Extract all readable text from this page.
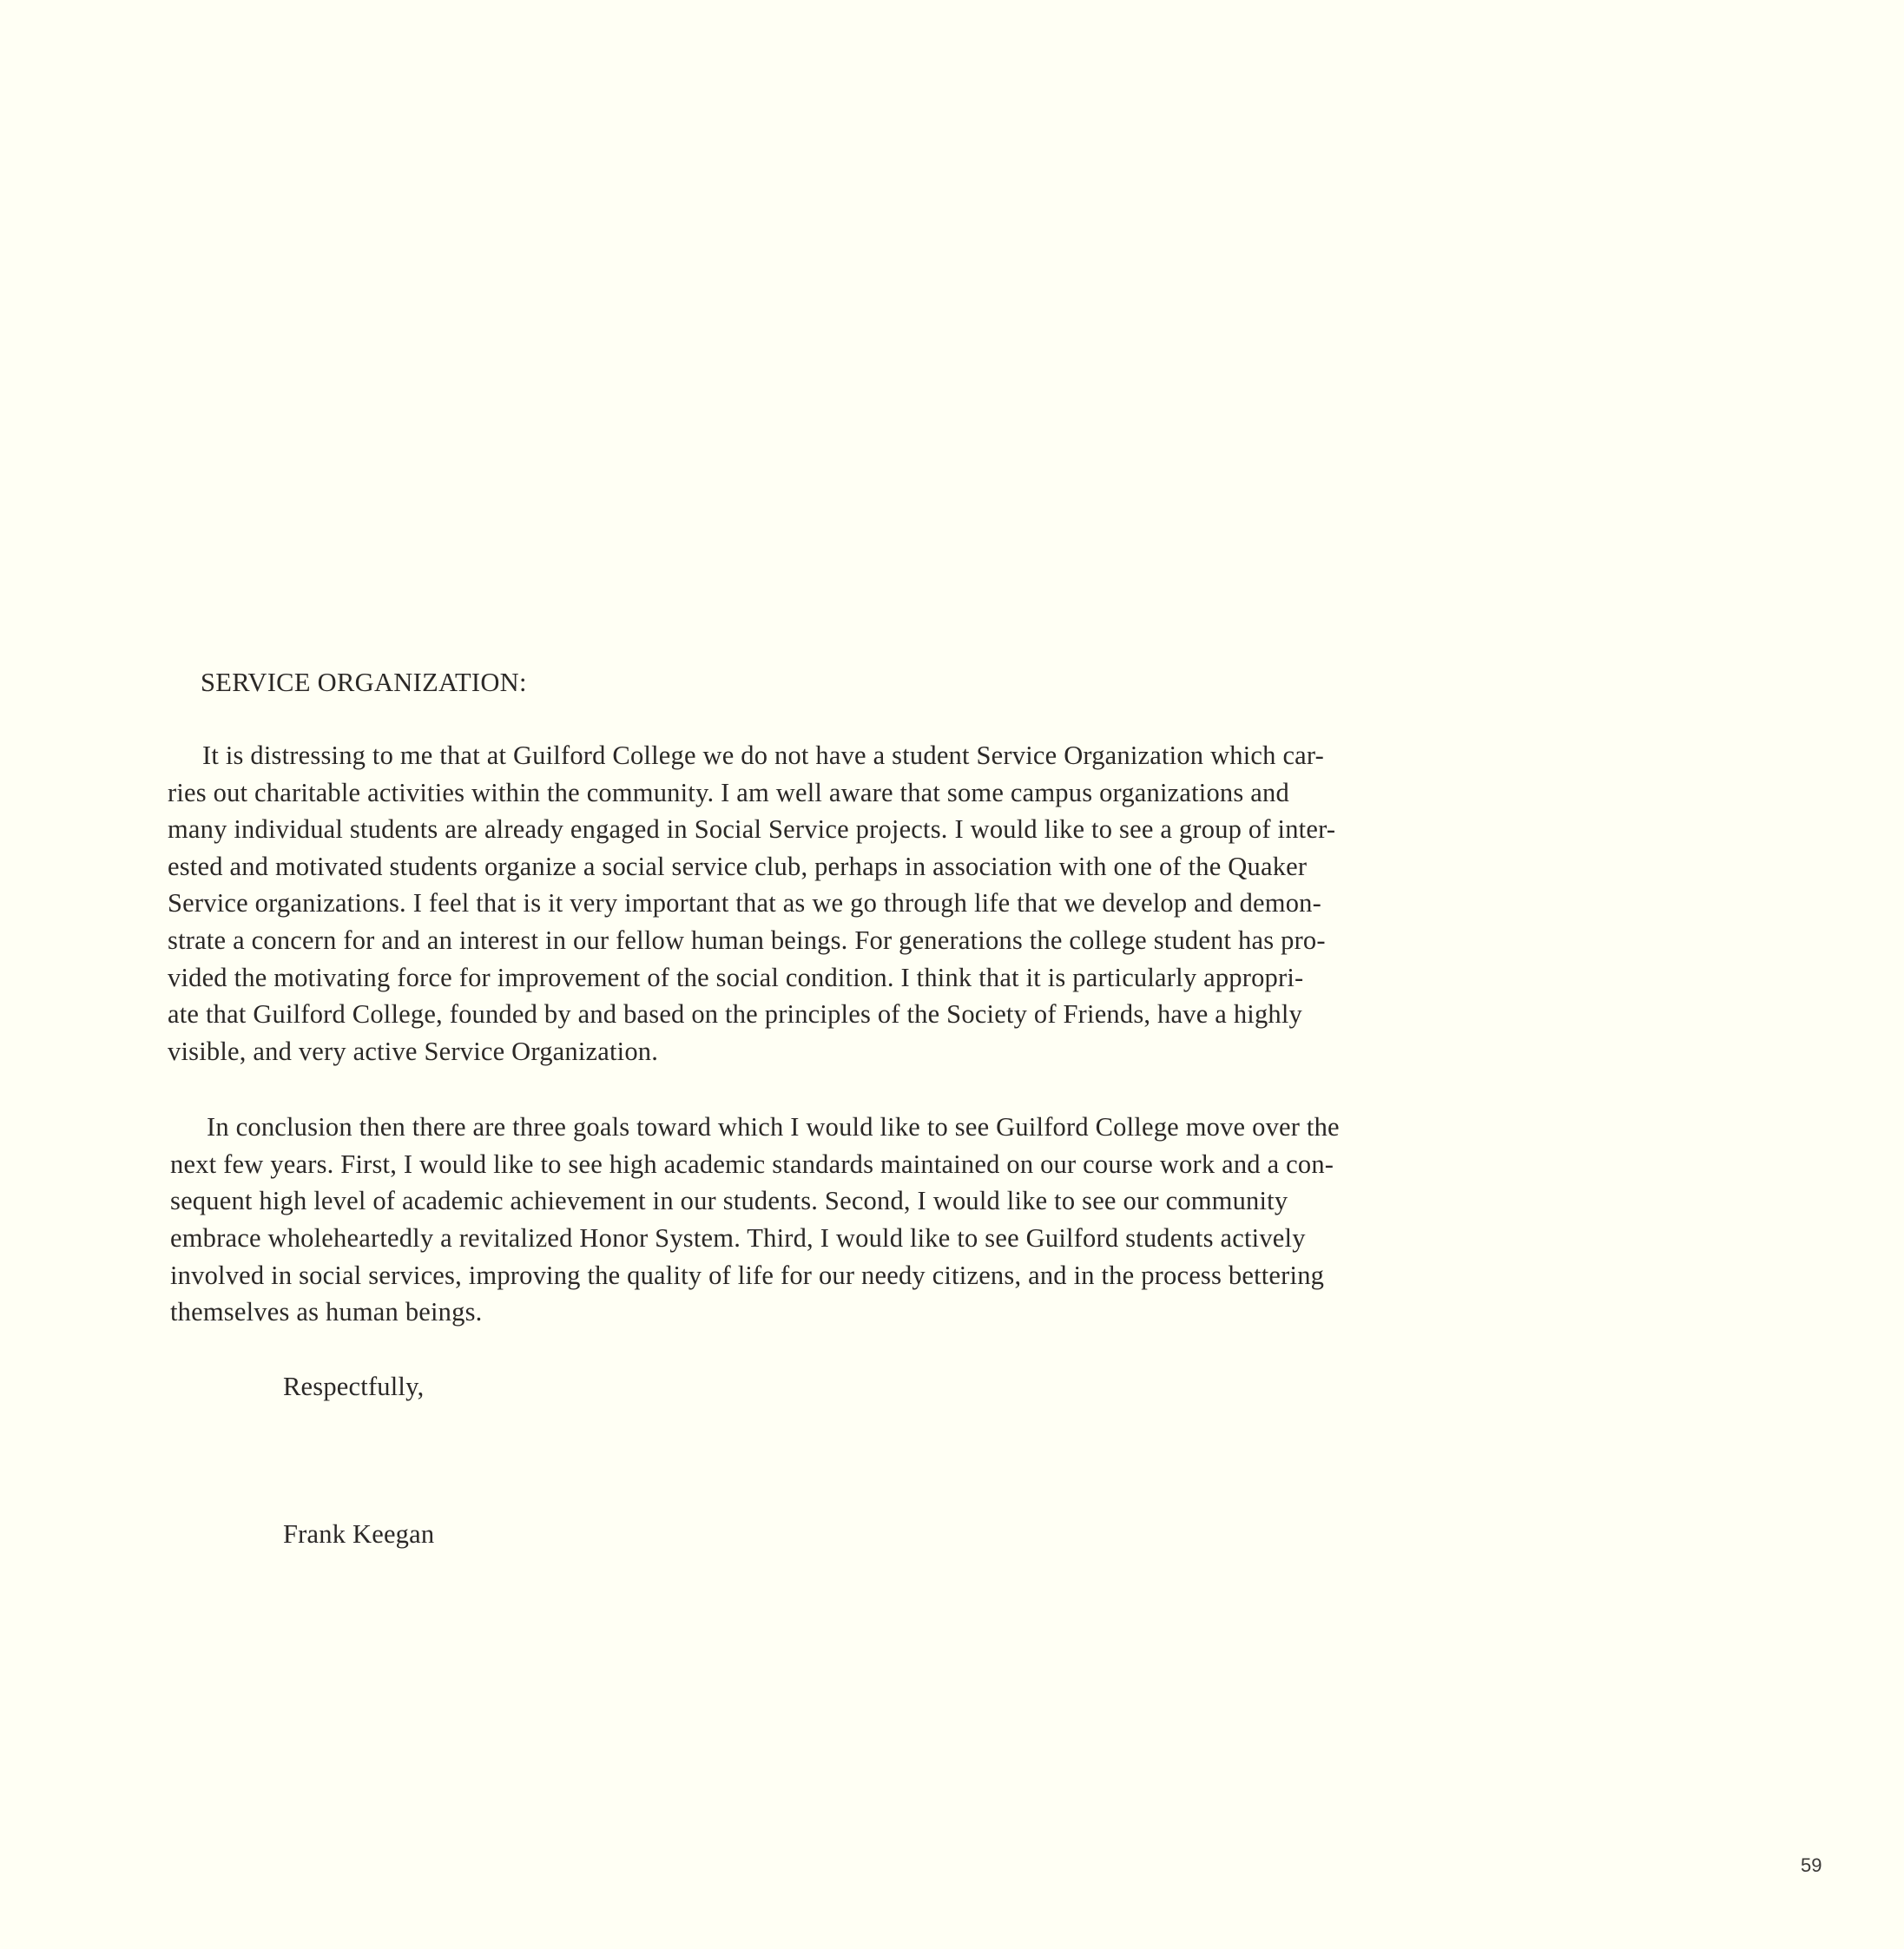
SERVICE ORGANIZATION:
It is distressing to me that at Guilford College we do not have a student Service Organization which car-
ries out charitable activities within the community. I am well aware that some campus organizations and
many individual students are already engaged in Social Service projects. I would like to see a group of inter-
ested and motivated students organize a social service club, perhaps in association with one of the Quaker
Service organizations. I feel that is it very important that as we go through life that we develop and demon-
strate a concern for and an interest in our fellow human beings. For generations the college student has pro-
vided the motivating force for improvement of the social condition. I think that it is particularly appropri-
ate that Guilford College, founded by and based on the principles of the Society of Friends, have a highly
visible, and very active Service Organization.
In conclusion then there are three goals toward which I would like to see Guilford College move over the
next few years. First, I would like to see high academic standards maintained on our course work and a con-
sequent high level of academic achievement in our students. Second, I would like to see our community
embrace wholeheartedly a revitalized Honor System. Third, I would like to see Guilford students actively
involved in social services, improving the quality of life for our needy citizens, and in the process bettering
themselves as human beings.
Respectfully,
Frank Keegan
59
